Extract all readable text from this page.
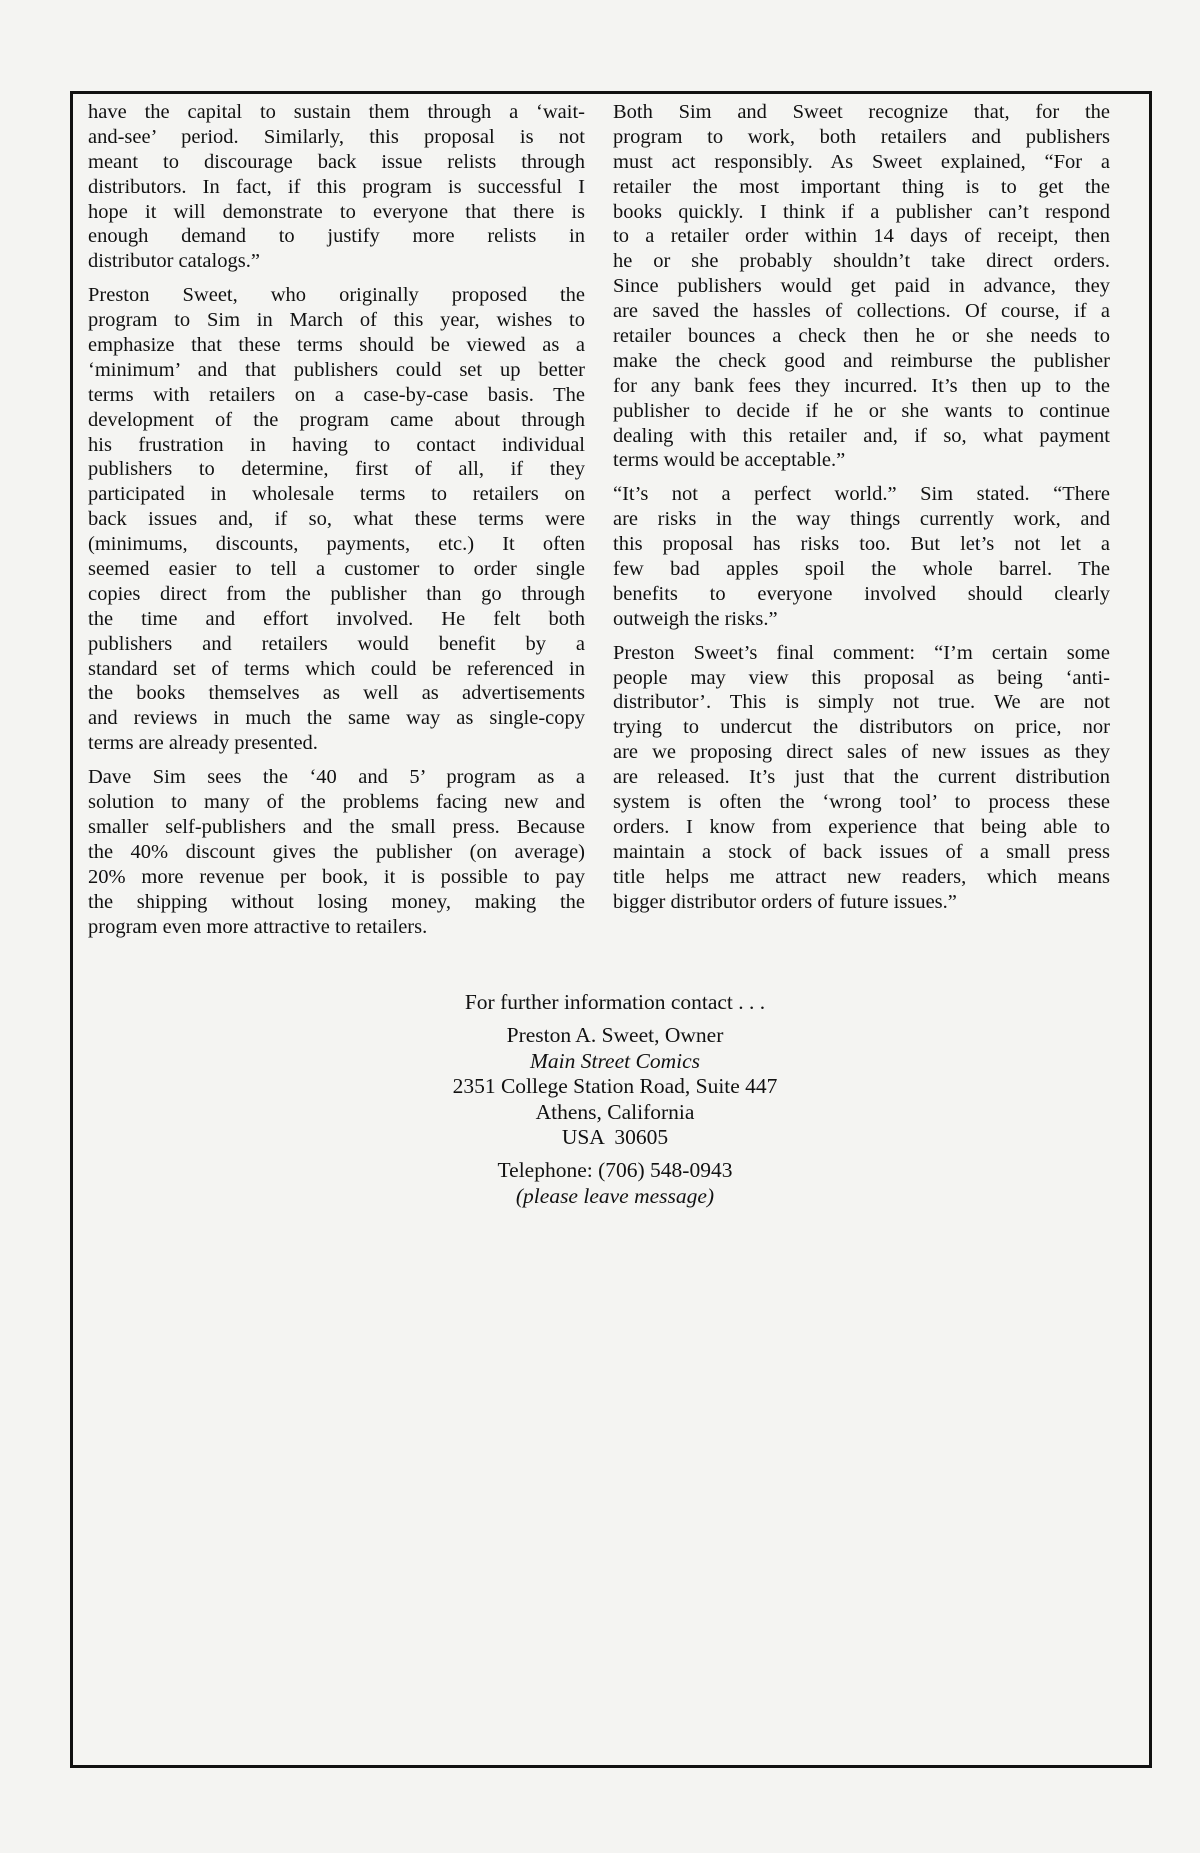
have the capital to sustain them through a ‘wait-
and-see’ period. Similarly, this proposal is not
meant to discourage back issue relists through
distributors. In fact, if this program is successful I
hope it will demonstrate to everyone that there is
enough demand to justify more relists in
distributor catalogs.”
Preston Sweet, who originally proposed the
program to Sim in March of this year, wishes to
emphasize that these terms should be viewed as a
‘minimum’ and that publishers could set up better
terms with retailers on a case-by-case basis. The
development of the program came about through
his frustration in having to contact individual
publishers to determine, first of all, if they
participated in wholesale terms to retailers on
back issues and, if so, what these terms were
(minimums, discounts, payments, etc.) It often
seemed easier to tell a customer to order single
copies direct from the publisher than go through
the time and effort involved. He felt both
publishers and retailers would benefit by a
standard set of terms which could be referenced in
the books themselves as well as advertisements
and reviews in much the same way as single-copy
terms are already presented.
Dave Sim sees the ‘40 and 5’ program as a
solution to many of the problems facing new and
smaller self-publishers and the small press. Because
the 40% discount gives the publisher (on average)
20% more revenue per book, it is possible to pay
the shipping without losing money, making the
program even more attractive to retailers.
Both Sim and Sweet recognize that, for the
program to work, both retailers and publishers
must act responsibly. As Sweet explained, “For a
retailer the most important thing is to get the
books quickly. I think if a publisher can’t respond
to a retailer order within 14 days of receipt, then
he or she probably shouldn’t take direct orders.
Since publishers would get paid in advance, they
are saved the hassles of collections. Of course, if a
retailer bounces a check then he or she needs to
make the check good and reimburse the publisher
for any bank fees they incurred. It’s then up to the
publisher to decide if he or she wants to continue
dealing with this retailer and, if so, what payment
terms would be acceptable.”
“It’s not a perfect world.” Sim stated. “There
are risks in the way things currently work, and
this proposal has risks too. But let’s not let a
few bad apples spoil the whole barrel. The
benefits to everyone involved should clearly
outweigh the risks.”
Preston Sweet’s final comment: “I’m certain some
people may view this proposal as being ‘anti-
distributor’. This is simply not true. We are not
trying to undercut the distributors on price, nor
are we proposing direct sales of new issues as they
are released. It’s just that the current distribution
system is often the ‘wrong tool’ to process these
orders. I know from experience that being able to
maintain a stock of back issues of a small press
title helps me attract new readers, which means
bigger distributor orders of future issues.”
For further information contact . . .
Preston A. Sweet, Owner
Main Street Comics
2351 College Station Road, Suite 447
Athens, California
USA  30605
Telephone: (706) 548-0943
(please leave message)
